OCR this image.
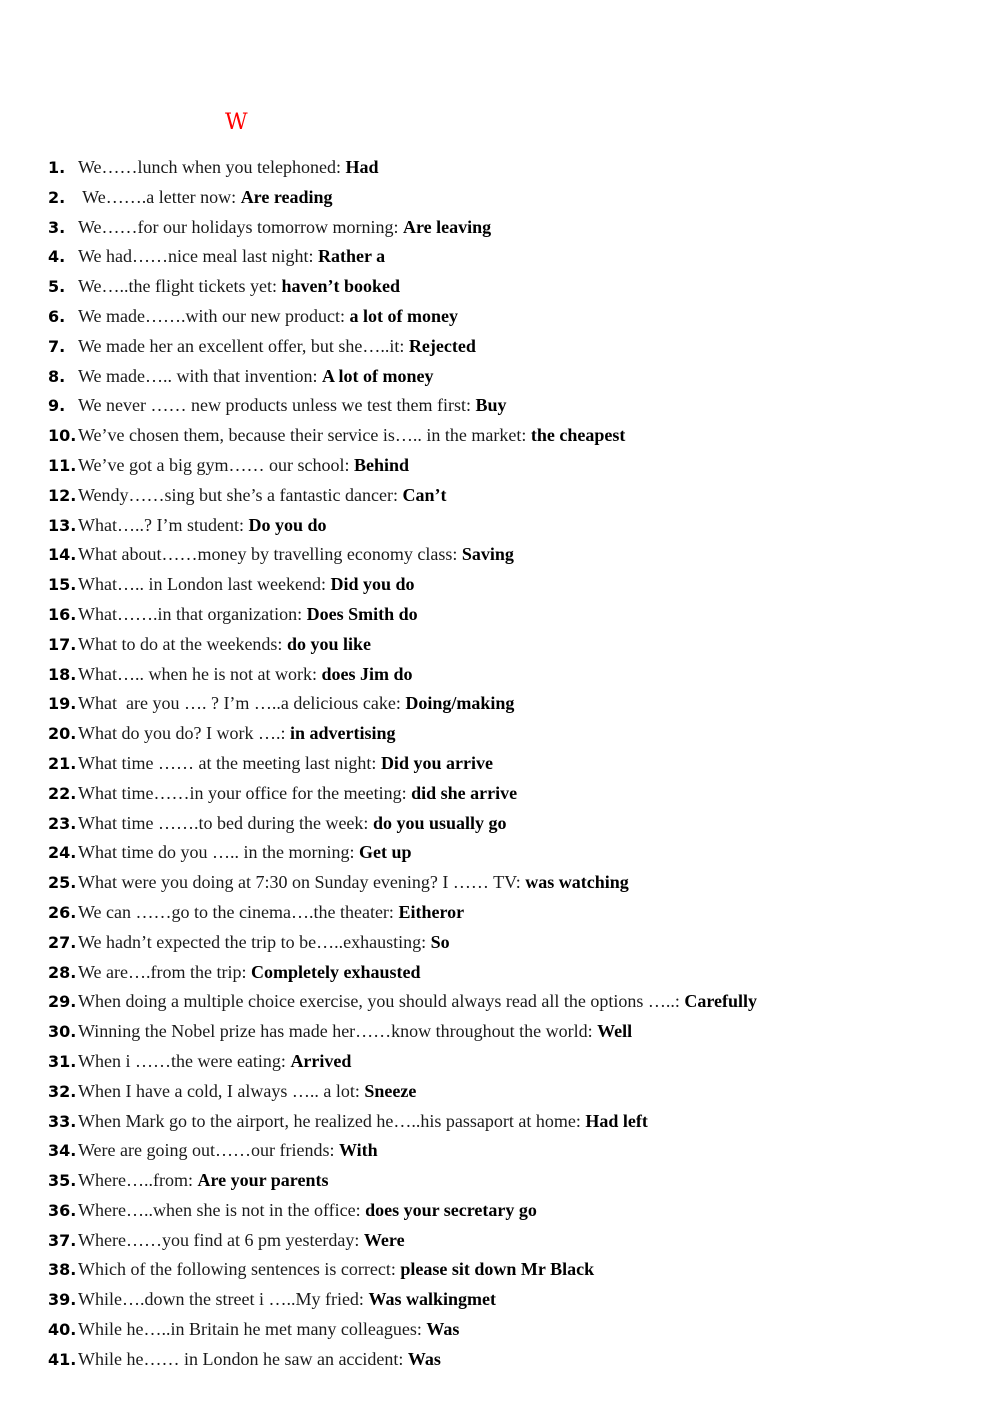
W
1. We……lunch when you telephoned: Had
2. We…….a letter now: Are reading
3. We……for our holidays tomorrow morning: Are leaving
4. We had……nice meal last night: Rather a
5. We…..the flight tickets yet: haven’t booked
6. We made…….with our new product: a lot of money
7. We made her an excellent offer, but she…..it: Rejected
8. We made….. with that invention: A lot of money
9. We never …… new products unless we test them first: Buy
10.We’ve chosen them, because their service is….. in the market: the cheapest
11.We’ve got a big gym…… our school: Behind
12.Wendy……sing but she’s a fantastic dancer: Can’t
13.What…..? I’m student: Do you do
14.What about……money by travelling economy class: Saving
15.What….. in London last weekend: Did you do
16.What…….in that organization: Does Smith do
17.What to do at the weekends: do you like
18.What….. when he is not at work: does Jim do
19.What  are you …. ? I’m …..a delicious cake: Doing/making
20.What do you do? I work ….: in advertising
21.What time …… at the meeting last night: Did you arrive
22.What time……in your office for the meeting: did she arrive
23.What time …….to bed during the week: do you usually go
24.What time do you ….. in the morning: Get up
25.What were you doing at 7:30 on Sunday evening? I …… TV: was watching
26.We can ……go to the cinema….the theater: Eitheror
27.We hadn’t expected the trip to be…..exhausting: So
28.We are….from the trip: Completely exhausted
29.When doing a multiple choice exercise, you should always read all the options …..: Carefully
30.Winning the Nobel prize has made her……know throughout the world: Well
31.When i ……the were eating: Arrived
32.When I have a cold, I always ….. a lot: Sneeze
33.When Mark go to the airport, he realized he…..his passaport at home: Had left
34.Were are going out……our friends: With
35.Where…..from: Are your parents
36.Where…..when she is not in the office: does your secretary go
37.Where……you find at 6 pm yesterday: Were
38.Which of the following sentences is correct: please sit down Mr Black
39.While….down the street i …..My fried: Was walkingmet
40.While he…..in Britain he met many colleagues: Was
41.While he…… in London he saw an accident: Was
